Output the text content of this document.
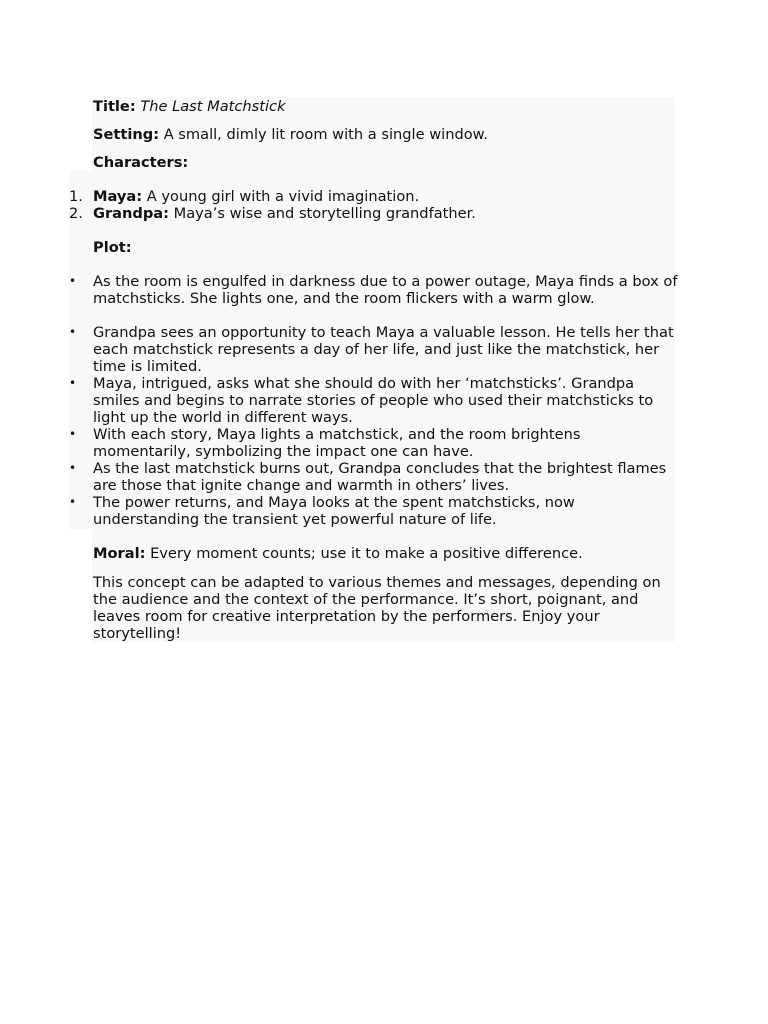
Title: The Last Matchstick
Setting: A small, dimly lit room with a single window.
Characters:
1. Maya: A young girl with a vivid imagination.
2. Grandpa: Maya’s wise and storytelling grandfather.
Plot:
• As the room is engulfed in darkness due to a power outage, Maya finds a box of matchsticks. She lights one, and the room flickers with a warm glow.
• Grandpa sees an opportunity to teach Maya a valuable lesson. He tells her that each matchstick represents a day of her life, and just like the matchstick, her time is limited.
• Maya, intrigued, asks what she should do with her ‘matchsticks’. Grandpa smiles and begins to narrate stories of people who used their matchsticks to light up the world in different ways.
• With each story, Maya lights a matchstick, and the room brightens momentarily, symbolizing the impact one can have.
• As the last matchstick burns out, Grandpa concludes that the brightest flames are those that ignite change and warmth in others’ lives.
• The power returns, and Maya looks at the spent matchsticks, now understanding the transient yet powerful nature of life.
Moral: Every moment counts; use it to make a positive difference.
This concept can be adapted to various themes and messages, depending on the audience and the context of the performance. It’s short, poignant, and leaves room for creative interpretation by the performers. Enjoy your storytelling!
